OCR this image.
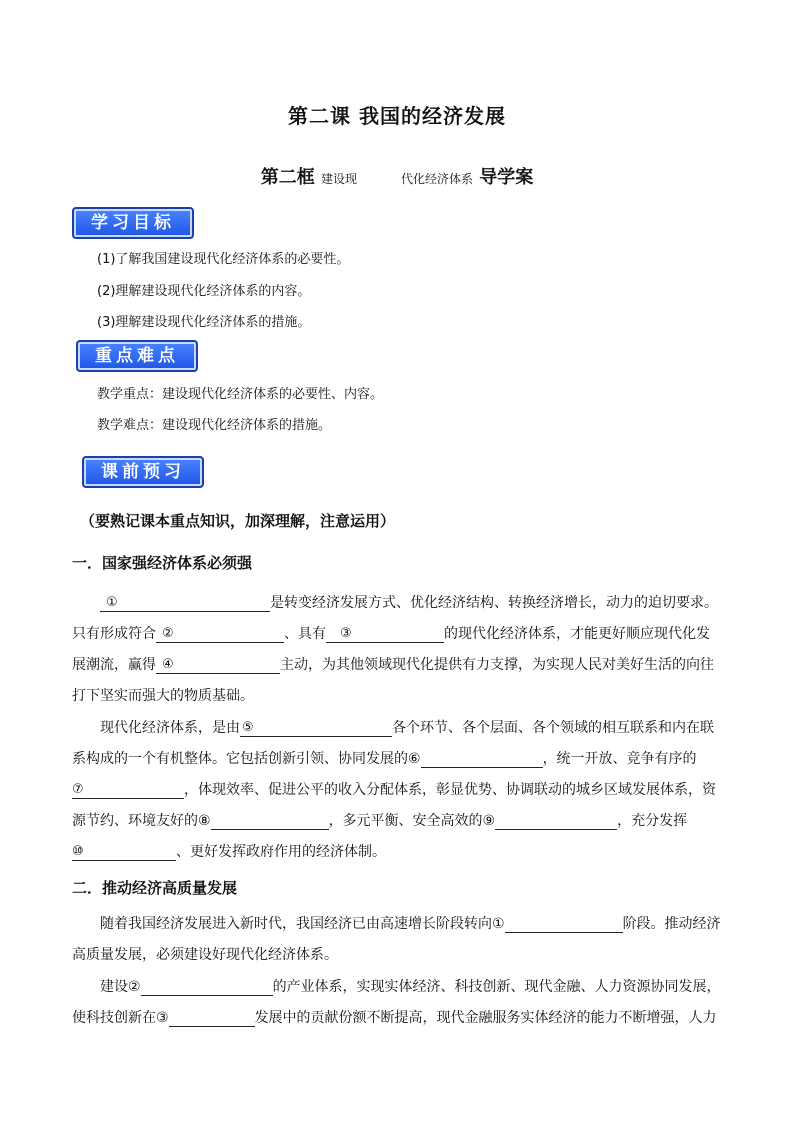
第二课 我国的经济发展
第二框 建设现	代化经济体系 导学案
学习目标
(1)了解我国建设现代化经济体系的必要性。
(2)理解建设现代化经济体系的内容。
(3)理解建设现代化经济体系的措施。
重点难点
教学重点：建设现代化经济体系的必要性、内容。
教学难点：建设现代化经济体系的措施。
课前预习
（要熟记课本重点知识，加深理解，注意运用）
一．国家强经济体系必须强
①	是转变经济发展方式、优化经济结构、转换经济增长，动力的迫切要求。
只有形成符合 ②	、具有 ③	的现代化经济体系，才能更好顺应现代化发
展潮流，赢得 ④	主动，为其他领域现代化提供有力支撑，为实现人民对美好生活的向往
打下坚实而强大的物质基础。
现代化经济体系，是由 ⑤	各个环节、各个层面、各个领域的相互联系和内在联
系构成的一个有机整体。它包括创新引领、协同发展的⑥	，统一开放、竞争有序的
⑦	，体现效率、促进公平的收入分配体系，彰显优势、协调联动的城乡区域发展体系，资
源节约、环境友好的⑧	，多元平衡、安全高效的⑨	，充分发挥
⑩	、更好发挥政府作用的经济体制。
二．推动经济高质量发展
随着我国经济发展进入新时代，我国经济已由高速增长阶段转向①	阶段。推动经济
高质量发展，必须建设好现代化经济体系。
建设②	的产业体系，实现实体经济、科技创新、现代金融、人力资源协同发展，
使科技创新在③	发展中的贡献份额不断提高，现代金融服务实体经济的能力不断增强，人力
